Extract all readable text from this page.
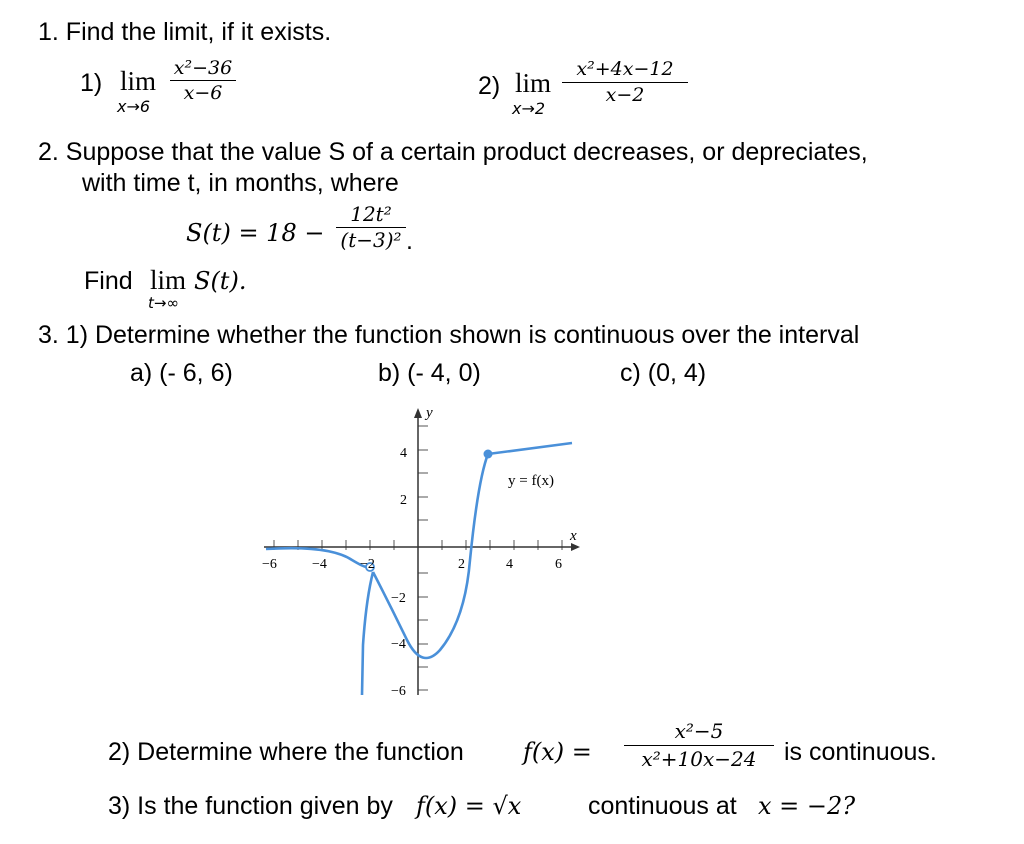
1. Find the limit, if it exists.
1) lim
x→6
x²−36
x−6	2) lim
x→2
x²+4x−12
x−2
2. Suppose that the value S of a certain product decreases, or depreciates,
with time t, in months, where
S(t) = 18 −
12t²
(t−3)² .
Find lim
t→∞
S(t).
3. 1) Determine whether the function shown is continuous over the interval
a) (- 6, 6)	b) (- 4, 0)	c) (0, 4)
y
x
y = f(x)
−6	−4 −2	2	4	6
4
2
−2
−4
−6
2) Determine where the function f(x) =
x²−5
x²+10x−24	is continuous.
3) Is the function given by f(x) = √x	continuous at x = −2?
